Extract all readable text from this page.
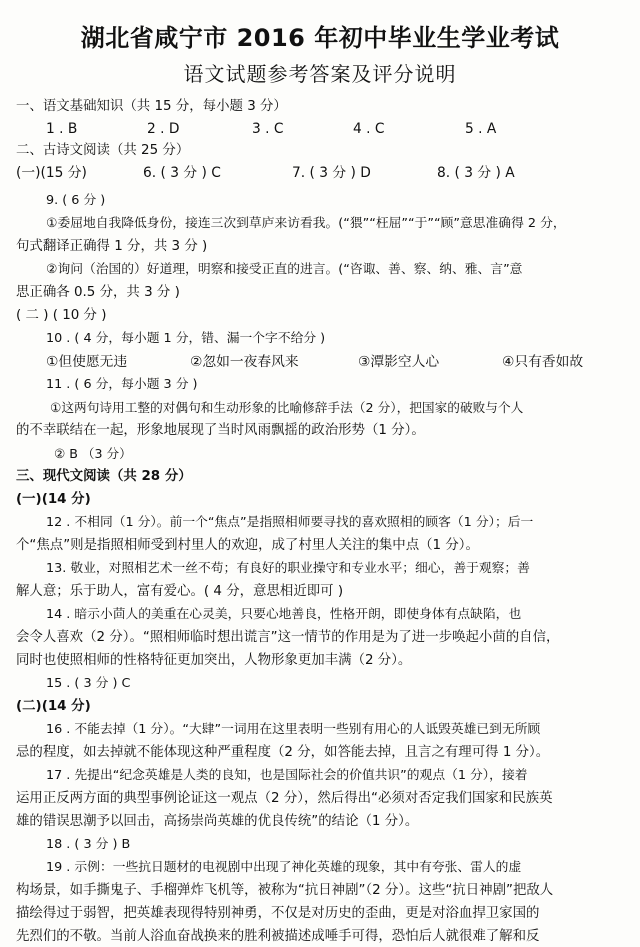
湖北省咸宁市 2016 年初中毕业生学业考试
语文试题参考答案及评分说明
一、语文基础知识（共 15 分，每小题 3 分）
1 . B	2 . D	3 . C	4 . C	5 . A
二、古诗文阅读（共 25 分）
(一)(15 分)	6. ( 3 分 ) C	7. ( 3 分 ) D	8. ( 3 分 ) A
9. ( 6 分 )
①委屈地自我降低身份，接连三次到草庐来访看我。(“猥”“枉屈”“于”“顾”意思准确得 2 分，
句式翻译正确得 1 分，共 3 分 )
②询问（治国的）好道理，明察和接受正直的进言。(“咨诹、善、察、纳、雅、言”意
思正确各 0.5 分，共 3 分 )
( 二 ) ( 10 分 )
10 . ( 4 分，每小题 1 分，错、漏一个字不给分 )
①但使愿无违	②忽如一夜春风来	③潭影空人心	④只有香如故
11 . ( 6 分，每小题 3 分 )
①这两句诗用工整的对偶句和生动形象的比喻修辞手法（2 分），把国家的破败与个人
的不幸联结在一起，形象地展现了当时风雨飘摇的政治形势（1 分）。
② B （3 分）
三、现代文阅读（共 28 分）
(一)(14 分)
12 . 不相同（1 分）。前一个“焦点”是指照相师要寻找的喜欢照相的顾客（1 分）；后一
个“焦点”则是指照相师受到村里人的欢迎，成了村里人关注的集中点（1 分）。
13. 敬业，对照相艺术一丝不苟；有良好的职业操守和专业水平；细心，善于观察；善
解人意；乐于助人，富有爱心。( 4 分，意思相近即可 )
14 . 暗示小茴人的美重在心灵美，只要心地善良，性格开朗，即使身体有点缺陷，也
会令人喜欢（2 分）。“照相师临时想出谎言”这一情节的作用是为了进一步唤起小茴的自信，
同时也使照相师的性格特征更加突出，人物形象更加丰满（2 分）。
15 . ( 3 分 ) C
(二)(14 分)
16 . 不能去掉（1 分）。“大肆”一词用在这里表明一些别有用心的人诋毁英雄已到无所顾
忌的程度，如去掉就不能体现这种严重程度（2 分，如答能去掉，且言之有理可得 1 分）。
17 . 先提出“纪念英雄是人类的良知，也是国际社会的价值共识”的观点（1 分），接着
运用正反两方面的典型事例论证这一观点（2 分），然后得出“必须对否定我们国家和民族英
雄的错误思潮予以回击，高扬崇尚英雄的优良传统”的结论（1 分）。
18 . ( 3 分 ) B
19 . 示例：一些抗日题材的电视剧中出现了神化英雄的现象，其中有夸张、雷人的虚
构场景，如手撕鬼子、手榴弹炸飞机等，被称为“抗日神剧”（2 分）。这些“抗日神剧”把敌人
描绘得过于弱智，把英雄表现得特别神勇，不仅是对历史的歪曲，更是对浴血捍卫家国的
先烈们的不敬。当前人浴血奋战换来的胜利被描述成唾手可得，恐怕后人就很难了解和反
